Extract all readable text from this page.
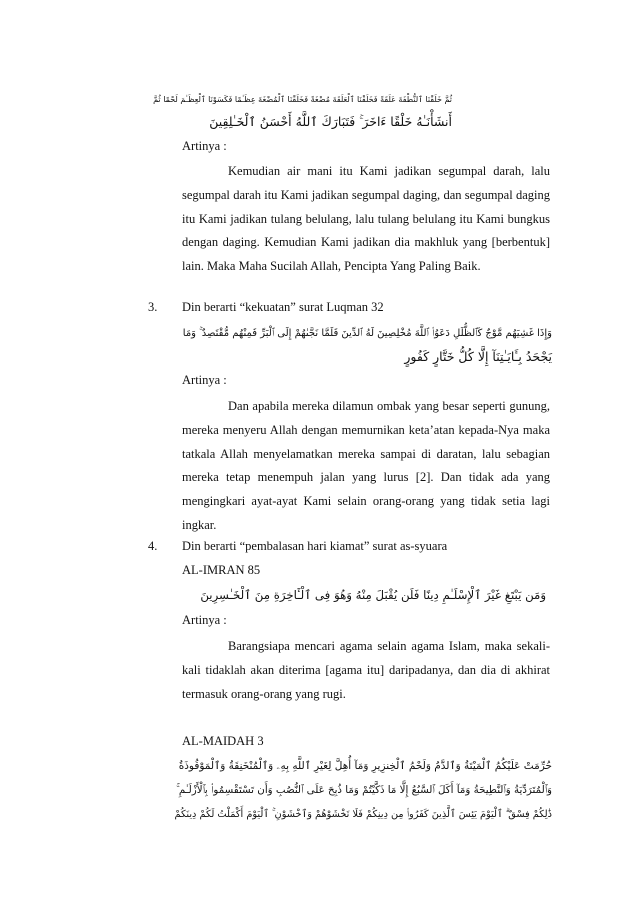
ثُمَّ خَلَقْنَا ٱلنُّطْفَةَ عَلَقَةً فَخَلَقْنَا ٱلْعَلَقَةَ مُضْغَةً فَخَلَقْنَا ٱلْمُضْغَةَ عِظَـٰمًا فَكَسَوْنَا ٱلْعِظَـٰمَ لَحْمًا ثُمَّ
أَنشَأْنَـٰهُ خَلْقًا ءَاخَرَ ۚ فَتَبَارَكَ ٱللَّهُ أَحْسَنُ ٱلْخَـٰلِقِينَ
Artinya :
Kemudian air mani itu Kami jadikan segumpal darah, lalu segumpal darah itu Kami jadikan segumpal daging, dan segumpal daging itu Kami jadikan tulang belulang, lalu tulang belulang itu Kami bungkus dengan daging. Kemudian Kami jadikan dia makhluk yang [berbentuk] lain. Maka Maha Sucilah Allah, Pencipta Yang Paling Baik.
3. Din berarti “kekuatan” surat Luqman 32
وَإِذَا غَشِيَهُم مَّوْجٌ كَٱلظُّلَلِ دَعَوُا۟ ٱللَّهَ مُخْلِصِينَ لَهُ ٱلدِّينَ فَلَمَّا نَجَّىٰهُمْ إِلَى ٱلْبَرِّ فَمِنْهُم مُّقْتَصِدٌ ۚ وَمَا
يَجْحَدُ بِـَٔايَـٰتِنَآ إِلَّا كُلُّ خَتَّارٍ كَفُورٍ
Artinya :
Dan apabila mereka dilamun ombak yang besar seperti gunung, mereka menyeru Allah dengan memurnikan keta’atan kepada-Nya maka tatkala Allah menyelamatkan mereka sampai di daratan, lalu sebagian mereka tetap menempuh jalan yang lurus [2]. Dan tidak ada yang mengingkari ayat-ayat Kami selain orang-orang yang tidak setia lagi ingkar.
4. Din berarti “pembalasan hari kiamat” surat as-syuara
AL-IMRAN 85
وَمَن يَبْتَغِ غَيْرَ ٱلْإِسْلَـٰمِ دِينًا فَلَن يُقْبَلَ مِنْهُ وَهُوَ فِى ٱلْـَٔاخِرَةِ مِنَ ٱلْخَـٰسِرِينَ
Artinya :
Barangsiapa mencari agama selain agama Islam, maka sekali-kali tidaklah akan diterima [agama itu] daripadanya, dan dia di akhirat termasuk orang-orang yang rugi.
AL-MAIDAH 3
حُرِّمَتْ عَلَيْكُمُ ٱلْمَيْتَةُ وَٱلدَّمُ وَلَحْمُ ٱلْخِنزِيرِ وَمَآ أُهِلَّ لِغَيْرِ ٱللَّهِ بِهِۦ وَٱلْمُنْخَنِقَةُ وَٱلْمَوْقُوذَةُ
وَٱلْمُتَرَدِّيَةُ وَٱلنَّطِيحَةُ وَمَآ أَكَلَ ٱلسَّبُعُ إِلَّا مَا ذَكَّيْتُمْ وَمَا ذُبِحَ عَلَى ٱلنُّصُبِ وَأَن تَسْتَقْسِمُوا۟ بِٱلْأَزْلَـٰمِ ۚ
ذَٰلِكُمْ فِسْقٌ ۗ ٱلْيَوْمَ يَئِسَ ٱلَّذِينَ كَفَرُوا۟ مِن دِينِكُمْ فَلَا تَخْشَوْهُمْ وَٱخْشَوْنِ ۚ ٱلْيَوْمَ أَكْمَلْتُ لَكُمْ دِينَكُمْ
